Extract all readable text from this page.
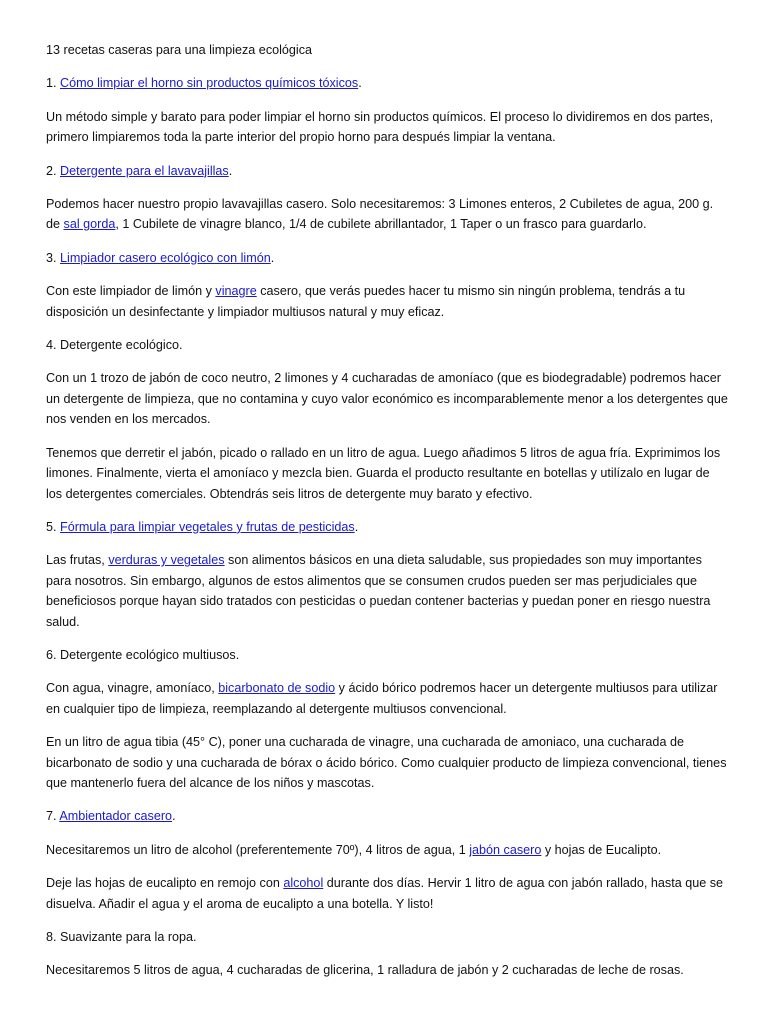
13 recetas caseras para una limpieza ecológica

1. Cómo limpiar el horno sin productos químicos tóxicos.

Un método simple y barato para poder limpiar el horno sin productos químicos. El proceso lo dividiremos en dos partes, primero limpiaremos toda la parte interior del propio horno para después limpiar la ventana.

2. Detergente para el lavavajillas.

Podemos hacer nuestro propio lavavajillas casero. Solo necesitaremos: 3 Limones enteros, 2 Cubiletes de agua, 200 g. de sal gorda, 1 Cubilete de vinagre blanco, 1/4 de cubilete abrillantador, 1 Taper o un frasco para guardarlo.

3. Limpiador casero ecológico con limón.

Con este limpiador de limón y vinagre casero, que verás puedes hacer tu mismo sin ningún problema, tendrás a tu disposición un desinfectante y limpiador multiusos natural y muy eficaz.

4. Detergente ecológico.

Con un 1 trozo de jabón de coco neutro, 2 limones y 4 cucharadas de amoníaco (que es biodegradable) podremos hacer un detergente de limpieza, que no contamina y cuyo valor económico es incomparablemente menor a los detergentes que nos venden en los mercados.

Tenemos que derretir el jabón, picado o rallado en un litro de agua. Luego añadimos 5 litros de agua fría. Exprimimos los limones. Finalmente, vierta el amoníaco y mezcla bien. Guarda el producto resultante en botellas y utilízalo en lugar de los detergentes comerciales. Obtendrás seis litros de detergente muy barato y efectivo.

5. Fórmula para limpiar vegetales y frutas de pesticidas.

Las frutas, verduras y vegetales son alimentos básicos en una dieta saludable, sus propiedades son muy importantes para nosotros. Sin embargo, algunos de estos alimentos que se consumen crudos pueden ser mas perjudiciales que beneficiosos porque hayan sido tratados con pesticidas o puedan contener bacterias y puedan poner en riesgo nuestra salud.

6. Detergente ecológico multiusos.

Con agua, vinagre, amoníaco, bicarbonato de sodio y ácido bórico podremos hacer un detergente multiusos para utilizar en cualquier tipo de limpieza, reemplazando al detergente multiusos convencional.

En un litro de agua tibia (45° C), poner una cucharada de vinagre, una cucharada de amoniaco, una cucharada de bicarbonato de sodio y una cucharada de bórax o ácido bórico. Como cualquier producto de limpieza convencional, tienes que mantenerlo fuera del alcance de los niños y mascotas.

7. Ambientador casero.

Necesitaremos un litro de alcohol (preferentemente 70º), 4 litros de agua, 1 jabón casero y hojas de Eucalipto.

Deje las hojas de eucalipto en remojo con alcohol durante dos días. Hervir 1 litro de agua con jabón rallado, hasta que se disuelva. Añadir el agua y el aroma de eucalipto a una botella. Y listo!

8. Suavizante para la ropa.

Necesitaremos 5 litros de agua, 4 cucharadas de glicerina, 1 ralladura de jabón y 2 cucharadas de leche de rosas.
